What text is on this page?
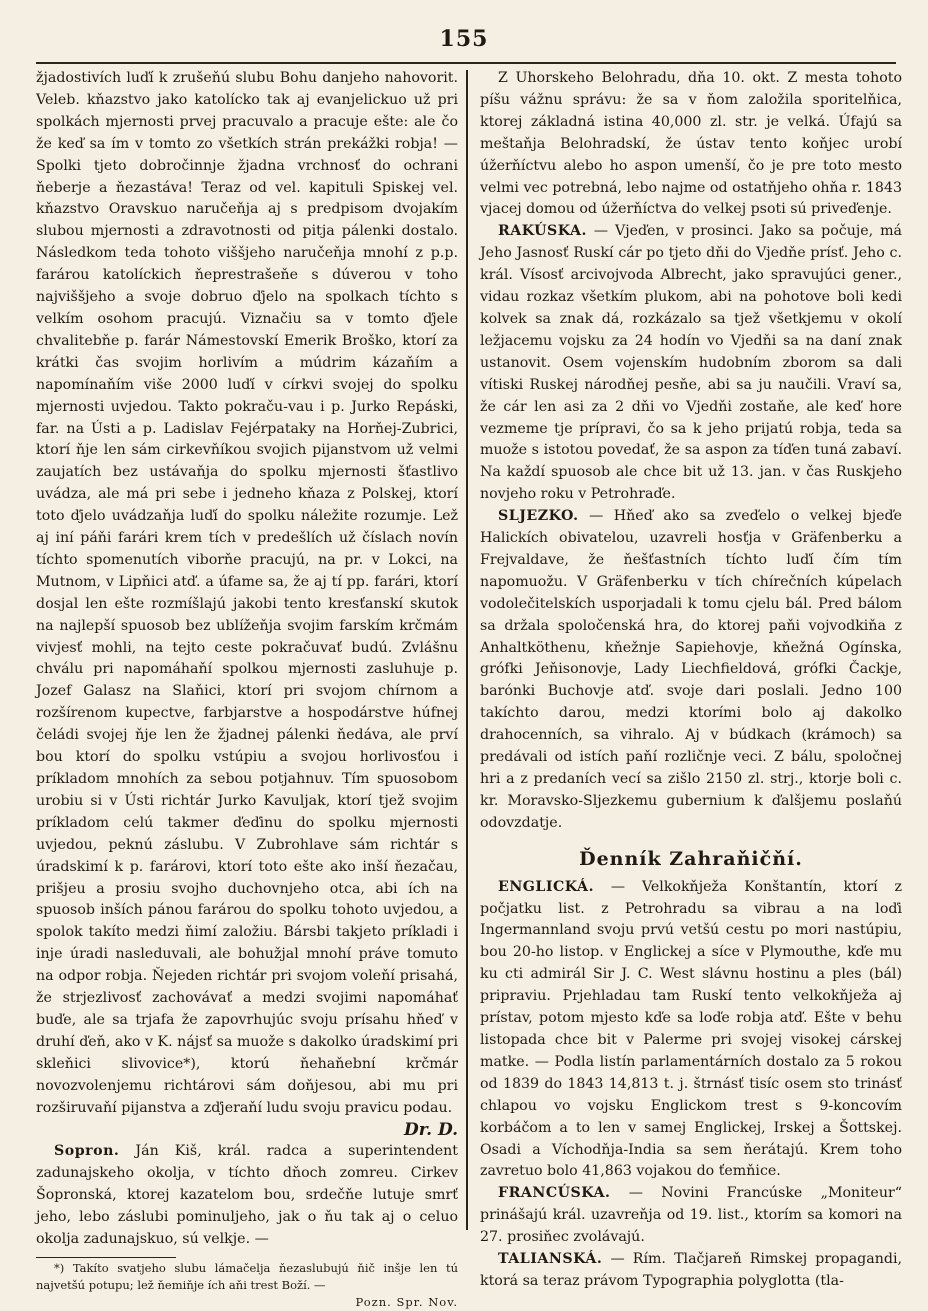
155

žjadostivích luďí k zrušeňú slubu Bohu danjeho nahovorit. Veleb. kňazstvo jako katolícko tak aj evanjelickuo už pri spolkách mjernosti prvej pracuvalo a pracuje ešte: ale čo že keď sa ím v tomto zo všetkích strán prekážki robja! — Spolki tjeto dobročinnje žjadna vrchnosť do ochrani ňeberje a ňezastáva! Teraz od vel. kapituli Spiskej vel. kňazstvo Oravskuo naručeňja aj s predpisom dvojakím slubou mjernosti a zdravotnosti od pitja pálenki dostalo. Následkom teda tohoto viššjeho naručeňja mnohí z p.p. farárou katolíckich ňeprestrašeňe s dúverou v toho najviššjeho a svoje dobruo ďjelo na spolkach tíchto s velkím osohom pracujú. Viznačiu sa v tomto ďjele chvalitebňe p. farár Námestovskí Emerik Broško, ktorí za krátki čas svojim horlivím a múdrim kázaňím a napomínaňím više 2000 luďí v církvi svojej do spolku mjernosti uvjedou. Takto pokraču-vau i p. Jurko Repáski, far. na Ústi a p. Ladislav Fejérpataky na Horňej-Zubrici, ktorí ňje len sám cirkevňíkou svojich pijanstvom už velmi zaujatích bez ustávaňja do spolku mjernosti šťastlivo uvádza, ale má pri sebe i jedneho kňaza z Polskej, ktorí toto ďjelo uvádzaňja luďí do spolku náležite rozumje. Lež aj iní páňi farári krem tích v predešlích už číslach novín tíchto spomenutích viborňe pracujú, na pr. v Lokci, na Mutnom, v Lipňici atď. a úfame sa, že aj tí pp. farári, ktorí dosjal len ešte rozmíšlajú jakobi tento kresťanskí skutok na najlepší spuosob bez ublížeňja svojim farskím krčmám vivjesť mohli, na tejto ceste pokračuvať budú. Zvlášnu chválu pri napomáhaňí spolkou mjernosti zasluhuje p. Jozef Galasz na Slaňici, ktorí pri svojom chírnom a rozšírenom kupectve, farbjarstve a hospodárstve húfnej čeládi svojej ňje len že žjadnej pálenki ňedáva, ale prví bou ktorí do spolku vstúpiu a svojou horlivosťou i príkladom mnohích za sebou potjahnuv. Tím spuosobom urobiu si v Ústi richtár Jurko Kavuljak, ktorí tjež svojim príkladom celú takmer ďeďinu do spolku mjernosti uvjedou, peknú záslubu. V Zubrohlave sám richtár s úradskimí k p. farárovi, ktorí toto ešte ako inší ňezačau, prišjeu a prosiu svojho duchovnjeho otca, abi ích na spuosob inších pánou farárou do spolku tohoto uvjedou, a spolok takíto medzi ňimí založiu. Bársbi takjeto príkladi i inje úradi nasleduvali, ale bohužjal mnohí práve tomuto na odpor robja. Ňejeden richtár pri svojom voleňí prisahá, že strjezlivosť zachovávať a medzi svojimi napomáhať buďe, ale sa trjafa že zapovrhujúc svoju prísahu hňeď v druhí ďeň, ako v K. nájsť sa muože s dakolko úradskimí pri skleňici slivovice*), ktorú ňehaňební krčmár novozvolenjemu richtárovi sám doňjesou, abi mu pri rozširuvaňí pijanstva a zďjeraňí ludu svoju pravicu podau.

Dr. D.

Sopron. Ján Kiš, král. radca a superintendent zadunajskeho okolja, v tíchto dňoch zomreu. Cirkev Šopronská, ktorej kazatelom bou, srdečňe lutuje smrť jeho, lebo záslubi pominuljeho, jak o ňu tak aj o celuo okolja zadunajskuo, sú velkje. —

*) Takíto svatjeho slubu lámačelja ňezaslubujú ňič inšje len tú najvetšú potupu; lež ňemiňje ích aňi trest Boží. —

Pozn. Spr. Nov.

Z Uhorskeho Belohradu, dňa 10. okt. Z mesta tohoto píšu vážnu správu: že sa v ňom založila sporitelňica, ktorej základná istina 40,000 zl. str. je velká. Úfajú sa meštaňja Belohradskí, že ústav tento koňjec urobí úžerňíctvu alebo ho aspon umenší, čo je pre toto mesto velmi vec potrebná, lebo najme od ostatňjeho ohňa r. 1843 vjacej domou od úžerňíctva do velkej psoti sú priveďenje.

RAKÚSKA. — Vjeďen, v prosinci. Jako sa počuje, má Jeho Jasnosť Ruskí cár po tjeto dňi do Vjedňe prísť. Jeho c. král. Vísosť arcivojvoda Albrecht, jako spravujúci gener., vidau rozkaz všetkím plukom, abi na pohotove boli kedi kolvek sa znak dá, rozkázalo sa tjež všetkjemu v okolí ležjacemu vojsku za 24 hodín vo Vjedňi sa na daní znak ustanovit. Osem vojenskím hudobním zborom sa dali vítiski Ruskej národňej pesňe, abi sa ju naučili. Vraví sa, že cár len asi za 2 dňi vo Vjedňi zostaňe, ale keď hore vezmeme tje prípravi, čo sa k jeho prijatú robja, teda sa muože s istotou povedať, že sa aspon za tíďen tuná zabaví. Na každí spuosob ale chce bit už 13. jan. v čas Ruskjeho novjeho roku v Petrohraďe.

SLJEZKO. — Hňeď ako sa zveďelo o velkej bjeďe Halickích obivatelou, uzavreli hosťja v Gräfenberku a Frejvaldave, že ňešťastních tíchto luďí čím tím napomuožu. V Gräfenberku v tích chírečních kúpelach vodolečitelskích usporjadali k tomu cjelu bál. Pred bálom sa držala spoločenská hra, do ktorej paňi vojvodkiňa z Anhaltköthenu, kňežnje Sapiehovje, kňežná Ogínska, grófki Jeňisonovje, Lady Liechfieldová, grófki Čackje, barónki Buchovje atď. svoje dari poslali. Jedno 100 takíchto darou, medzi ktorími bolo aj dakolko drahocenních, sa vihralo. Aj v búdkach (krámoch) sa predávali od istích paňí rozličnje veci. Z bálu, spoločnej hri a z predaních vecí sa zišlo 2150 zl. strj., ktorje boli c. kr. Moravsko-Sljezkemu gubernium k ďalšjemu poslaňú odovzdatje.

Ďenník Zahraňičňí.

ENGLICKÁ. — Velkokňježa Konštantín, ktorí z počjatku list. z Petrohradu sa vibrau a na loďi Ingermannland svoju prvú vetšú cestu po mori nastúpiu, bou 20-ho listop. v Englickej a síce v Plymouthe, kďe mu ku cti admirál Sir J. C. West slávnu hostinu a ples (bál) pripraviu. Prjehladau tam Ruskí tento velkokňježa aj prístav, potom mjesto kďe sa loďe robja atď. Ešte v behu listopada chce bit v Palerme pri svojej visokej cárskej matke. — Podla listín parlamentárních dostalo za 5 rokou od 1839 do 1843 14,813 t. j. štrnásť tisíc osem sto trinásť chlapou vo vojsku Englickom trest s 9-koncovím korbáčom a to len v samej Englickej, Irskej a Šottskej. Osadi a Víchodňja-India sa sem ňerátajú. Krem toho zavretuo bolo 41,863 vojakou do ťemňice.

FRANCÚSKA. — Novini Francúske „Moniteur“ prinášajú král. uzavreňja od 19. list., ktorím sa komori na 27. prosiňec zvolávajú.

TALIANSKÁ. — Rím. Tlačjareň Rimskej propagandi, ktorá sa teraz právom Typographia polyglotta (tla-
